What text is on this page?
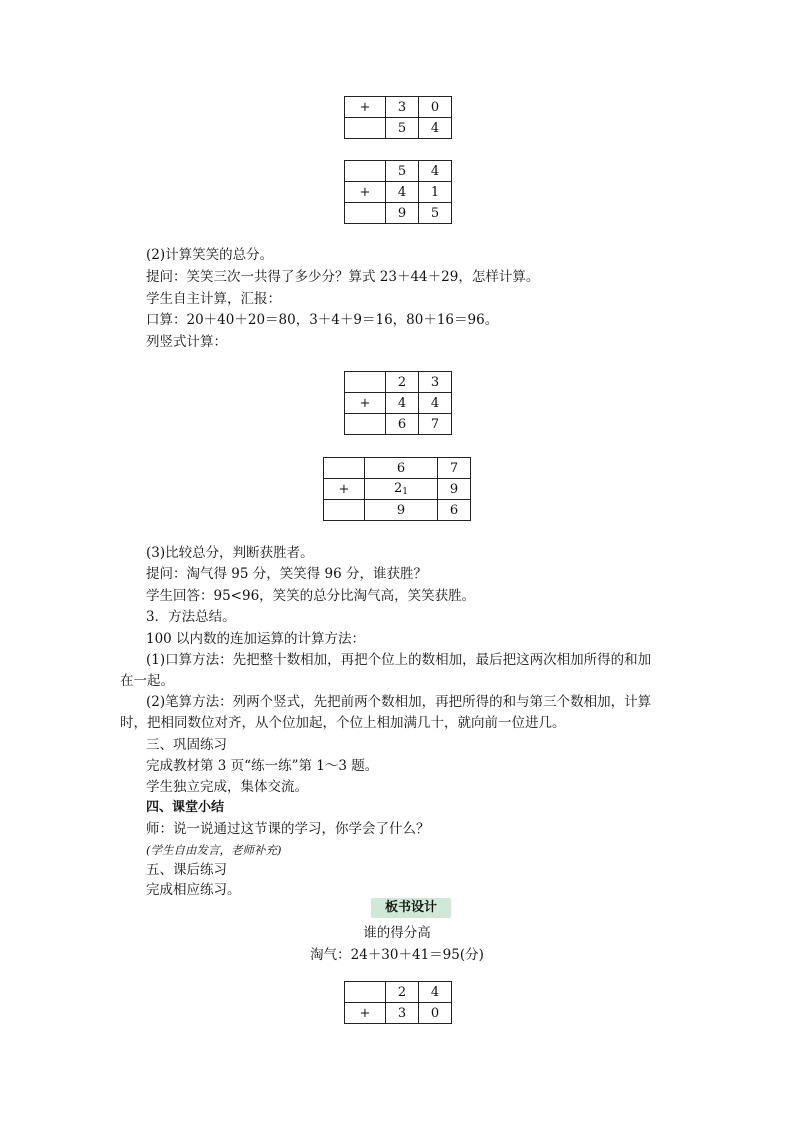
+	3	0
	5	4
	5	4
+	4	1
	9	5
(2)计算笑笑的总分。
提问：笑笑三次一共得了多少分？算式 23＋44＋29，怎样计算。
学生自主计算，汇报：
口算：20＋40＋20＝80，3＋4＋9＝16，80＋16＝96。
列竖式计算：
	2	3
+	4	4
	6	7
	6	7
+	$2_1$	9
	9	6
(3)比较总分，判断获胜者。
提问：淘气得 95 分，笑笑得 96 分，谁获胜？
学生回答：95<96，笑笑的总分比淘气高，笑笑获胜。
3．方法总结。
100 以内数的连加运算的计算方法：
(1)口算方法：先把整十数相加，再把个位上的数相加，最后把这两次相加所得的和加
在一起。
(2)笔算方法：列两个竖式，先把前两个数相加，再把所得的和与第三个数相加，计算
时，把相同数位对齐，从个位加起，个位上相加满几十，就向前一位进几。
三、巩固练习
完成教材第 3 页“练一练”第 1～3 题。
学生独立完成，集体交流。
四、课堂小结
师：说一说通过这节课的学习，你学会了什么？
(学生自由发言，老师补充)
五、课后练习
完成相应练习。
板书设计
谁的得分高
淘气：24＋30＋41＝95(分)
	2	4
+	3	0
